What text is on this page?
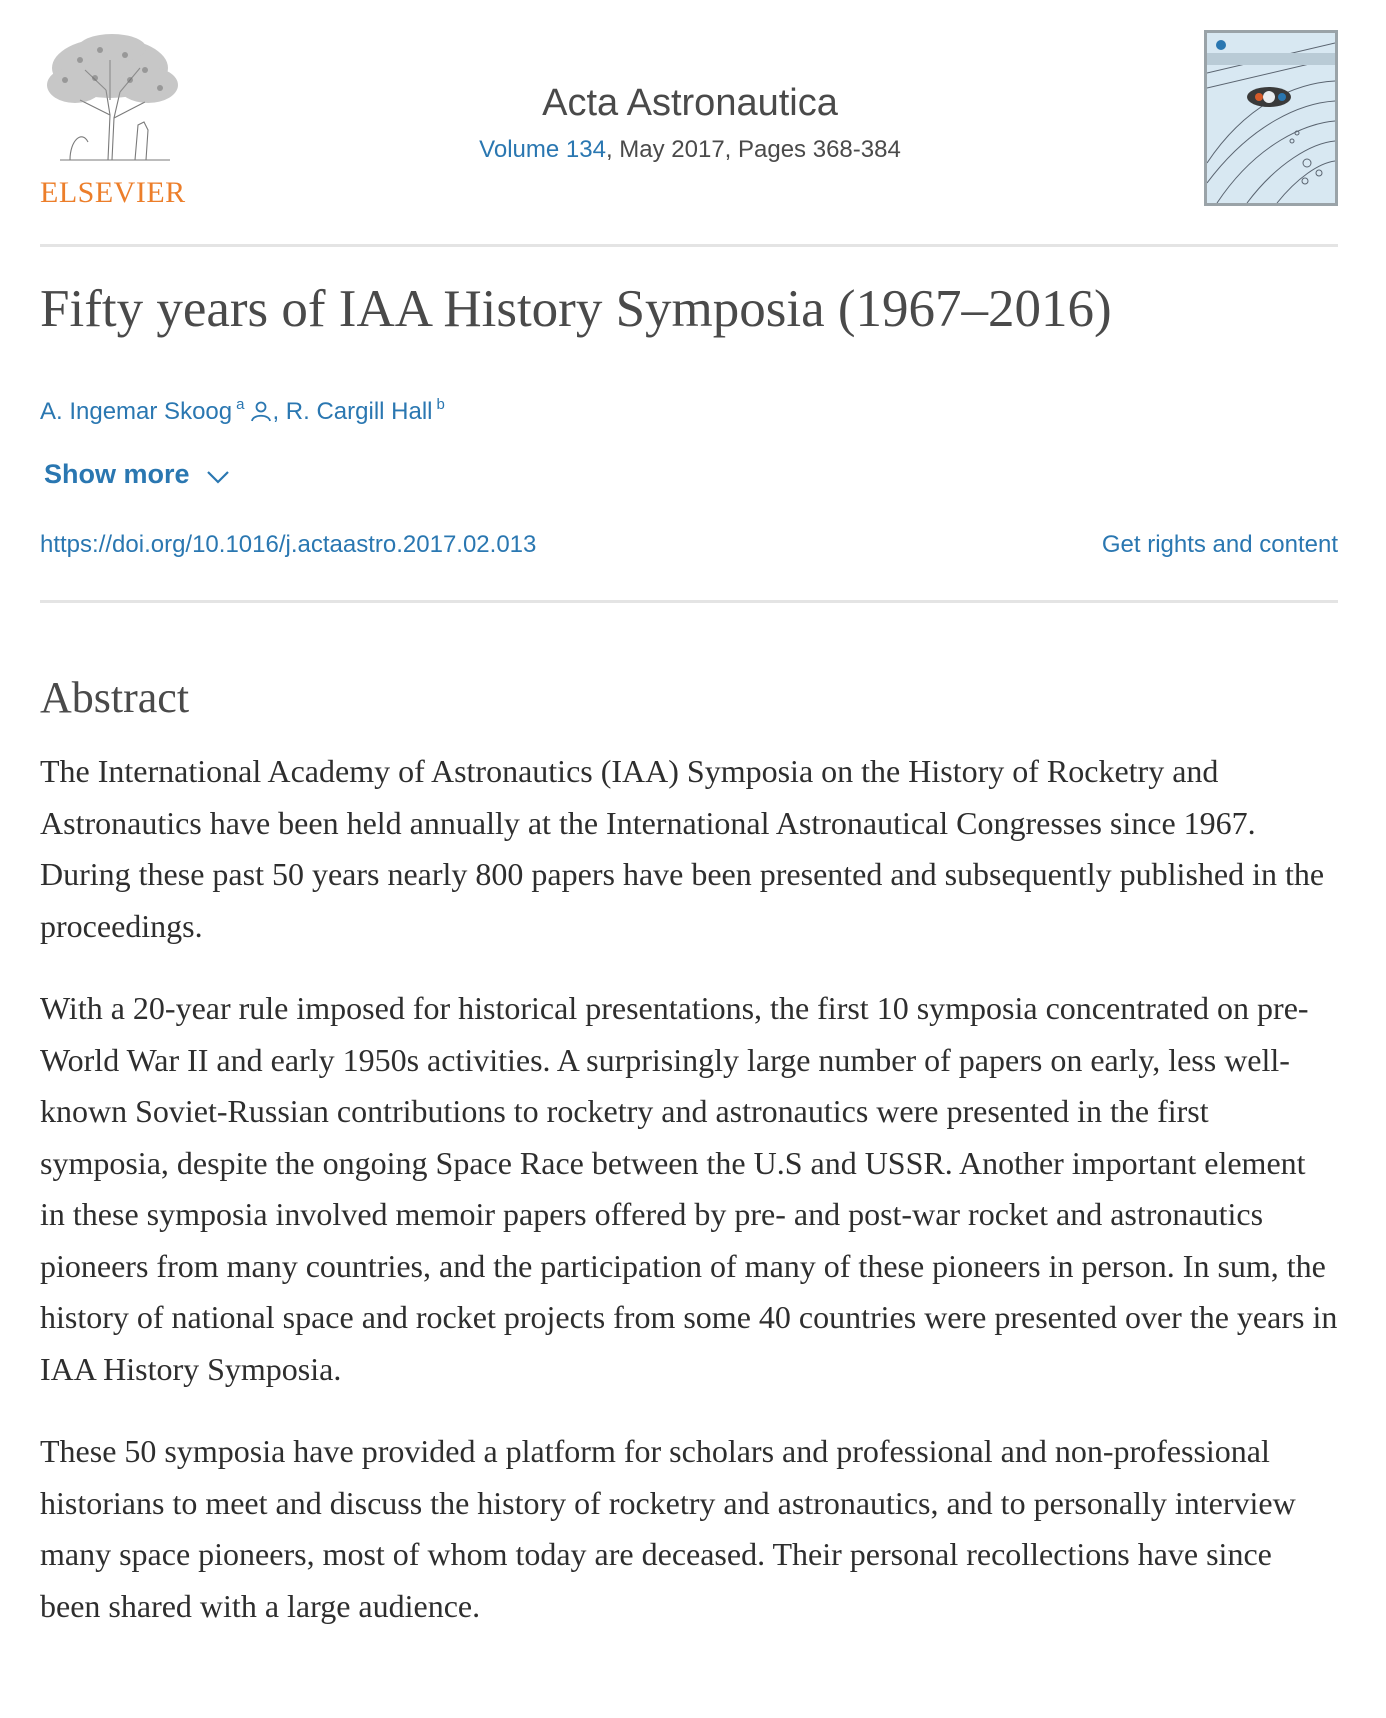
ELSEVIER
Acta Astronautica
Volume 134, May 2017, Pages 368-384
Fifty years of IAA History Symposia (1967–2016)
A. Ingemar Skoog $^a$ , R. Cargill Hall $^b$
Show more
https://doi.org/10.1016/j.actaastro.2017.02.013	Get rights and content
Abstract

The International Academy of Astronautics (IAA) Symposia on the History of Rocketry and Astronautics have been held annually at the International Astronautical Congresses since 1967. During these past 50 years nearly 800 papers have been presented and subsequently published in the proceedings.

With a 20-year rule imposed for historical presentations, the first 10 symposia concentrated on pre-World War II and early 1950s activities. A surprisingly large number of papers on early, less well-known Soviet-Russian contributions to rocketry and astronautics were presented in the first symposia, despite the ongoing Space Race between the U.S and USSR. Another important element in these symposia involved memoir papers offered by pre- and post-war rocket and astronautics pioneers from many countries, and the participation of many of these pioneers in person. In sum, the history of national space and rocket projects from some 40 countries were presented over the years in IAA History Symposia.

These 50 symposia have provided a platform for scholars and professional and non-professional historians to meet and discuss the history of rocketry and astronautics, and to personally interview many space pioneers, most of whom today are deceased. Their personal recollections have since been shared with a large audience.
